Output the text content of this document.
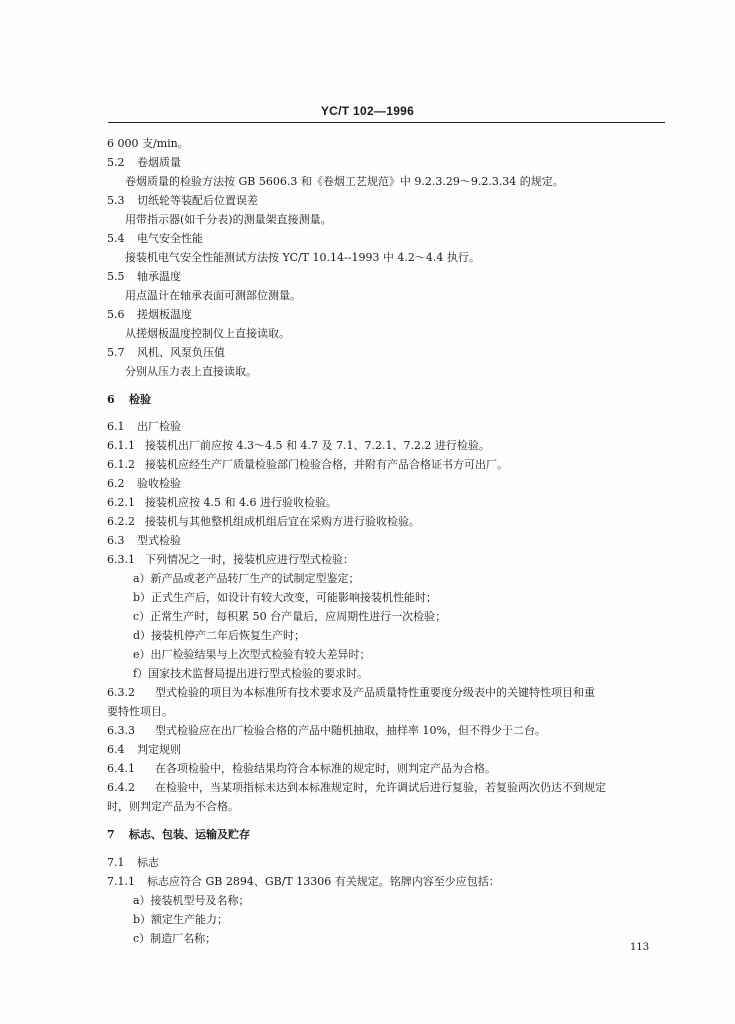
YC/T 102—1996
6 000 支/min。
5.2 卷烟质量
卷烟质量的检验方法按 GB 5606.3 和《卷烟工艺规范》中 9.2.3.29～9.2.3.34 的规定。
5.3 切纸轮等装配后位置误差
用带指示器(如千分表)的测量架直接测量。
5.4 电气安全性能
接装机电气安全性能测试方法按 YC/T 10.14--1993 中 4.2～4.4 执行。
5.5 轴承温度
用点温计在轴承表面可测部位测量。
5.6 搓烟板温度
从搓烟板温度控制仪上直接读取。
5.7 风机、风泵负压值
分别从压力表上直接读取。
6 检验
6.1 出厂检验
6.1.1 接装机出厂前应按 4.3～4.5 和 4.7 及 7.1、7.2.1、7.2.2 进行检验。
6.1.2 接装机应经生产厂质量检验部门检验合格，并附有产品合格证书方可出厂。
6.2 验收检验
6.2.1 接装机应按 4.5 和 4.6 进行验收检验。
6.2.2 接装机与其他整机组成机组后宜在采购方进行验收检验。
6.3 型式检验
6.3.1 下列情况之一时，接装机应进行型式检验：
a）新产品或老产品转厂生产的试制定型鉴定；
b）正式生产后，如设计有较大改变，可能影响接装机性能时；
c）正常生产时，每积累 50 台产量后，应周期性进行一次检验；
d）接装机停产二年后恢复生产时；
e）出厂检验结果与上次型式检验有较大差异时；
f）国家技术监督局提出进行型式检验的要求时。
6.3.2 型式检验的项目为本标准所有技术要求及产品质量特性重要度分级表中的关键特性项目和重
要特性项目。
6.3.3 型式检验应在出厂检验合格的产品中随机抽取，抽样率 10%，但不得少于二台。
6.4 判定规则
6.4.1 在各项检验中，检验结果均符合本标准的规定时，则判定产品为合格。
6.4.2 在检验中，当某项指标未达到本标准规定时，允许调试后进行复验，若复验两次仍达不到规定
时，则判定产品为不合格。
7 标志、包装、运输及贮存
7.1 标志
7.1.1 标志应符合 GB 2894、GB/T 13306 有关规定。铭牌内容至少应包括：
a）接装机型号及名称；
b）额定生产能力；
c）制造厂名称；
113
